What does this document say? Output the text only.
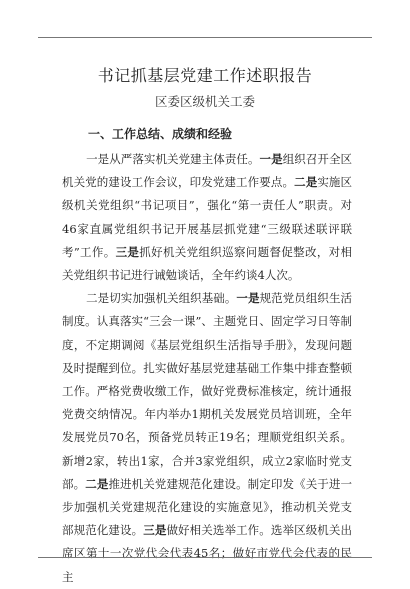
书记抓基层党建工作述职报告
区委区级机关工委
一、工作总结、成绩和经验

一是从严落实机关党建主体责任。一是组织召开全区机关党的建设工作会议，印发党建工作要点。二是实施区级机关党组织“书记项目”，强化“第一责任人”职责。对46家直属党组织书记开展基层抓党建“三级联述联评联考”工作。三是抓好机关党组织巡察问题督促整改，对相关党组织书记进行诫勉谈话，全年约谈4人次。

二是切实加强机关组织基础。一是规范党员组织生活制度。认真落实“三会一课”、主题党日、固定学习日等制度，不定期调阅《基层党组织生活指导手册》，发现问题及时提醒到位。扎实做好基层党建基础工作集中排查整顿工作。严格党费收缴工作，做好党费标准核定，统计通报党费交纳情况。年内举办1期机关发展党员培训班，全年发展党员70名，预备党员转正19名；理顺党组织关系。新增2家，转出1家，合并3家党组织，成立2家临时党支部。二是推进机关党建规范化建设。制定印发《关于进一步加强机关党建规范化建设的实施意见》，推动机关党支部规范化建设。三是做好相关选举工作。选举区级机关出席区第十一次党代会代表45名；做好市党代会代表的民主
